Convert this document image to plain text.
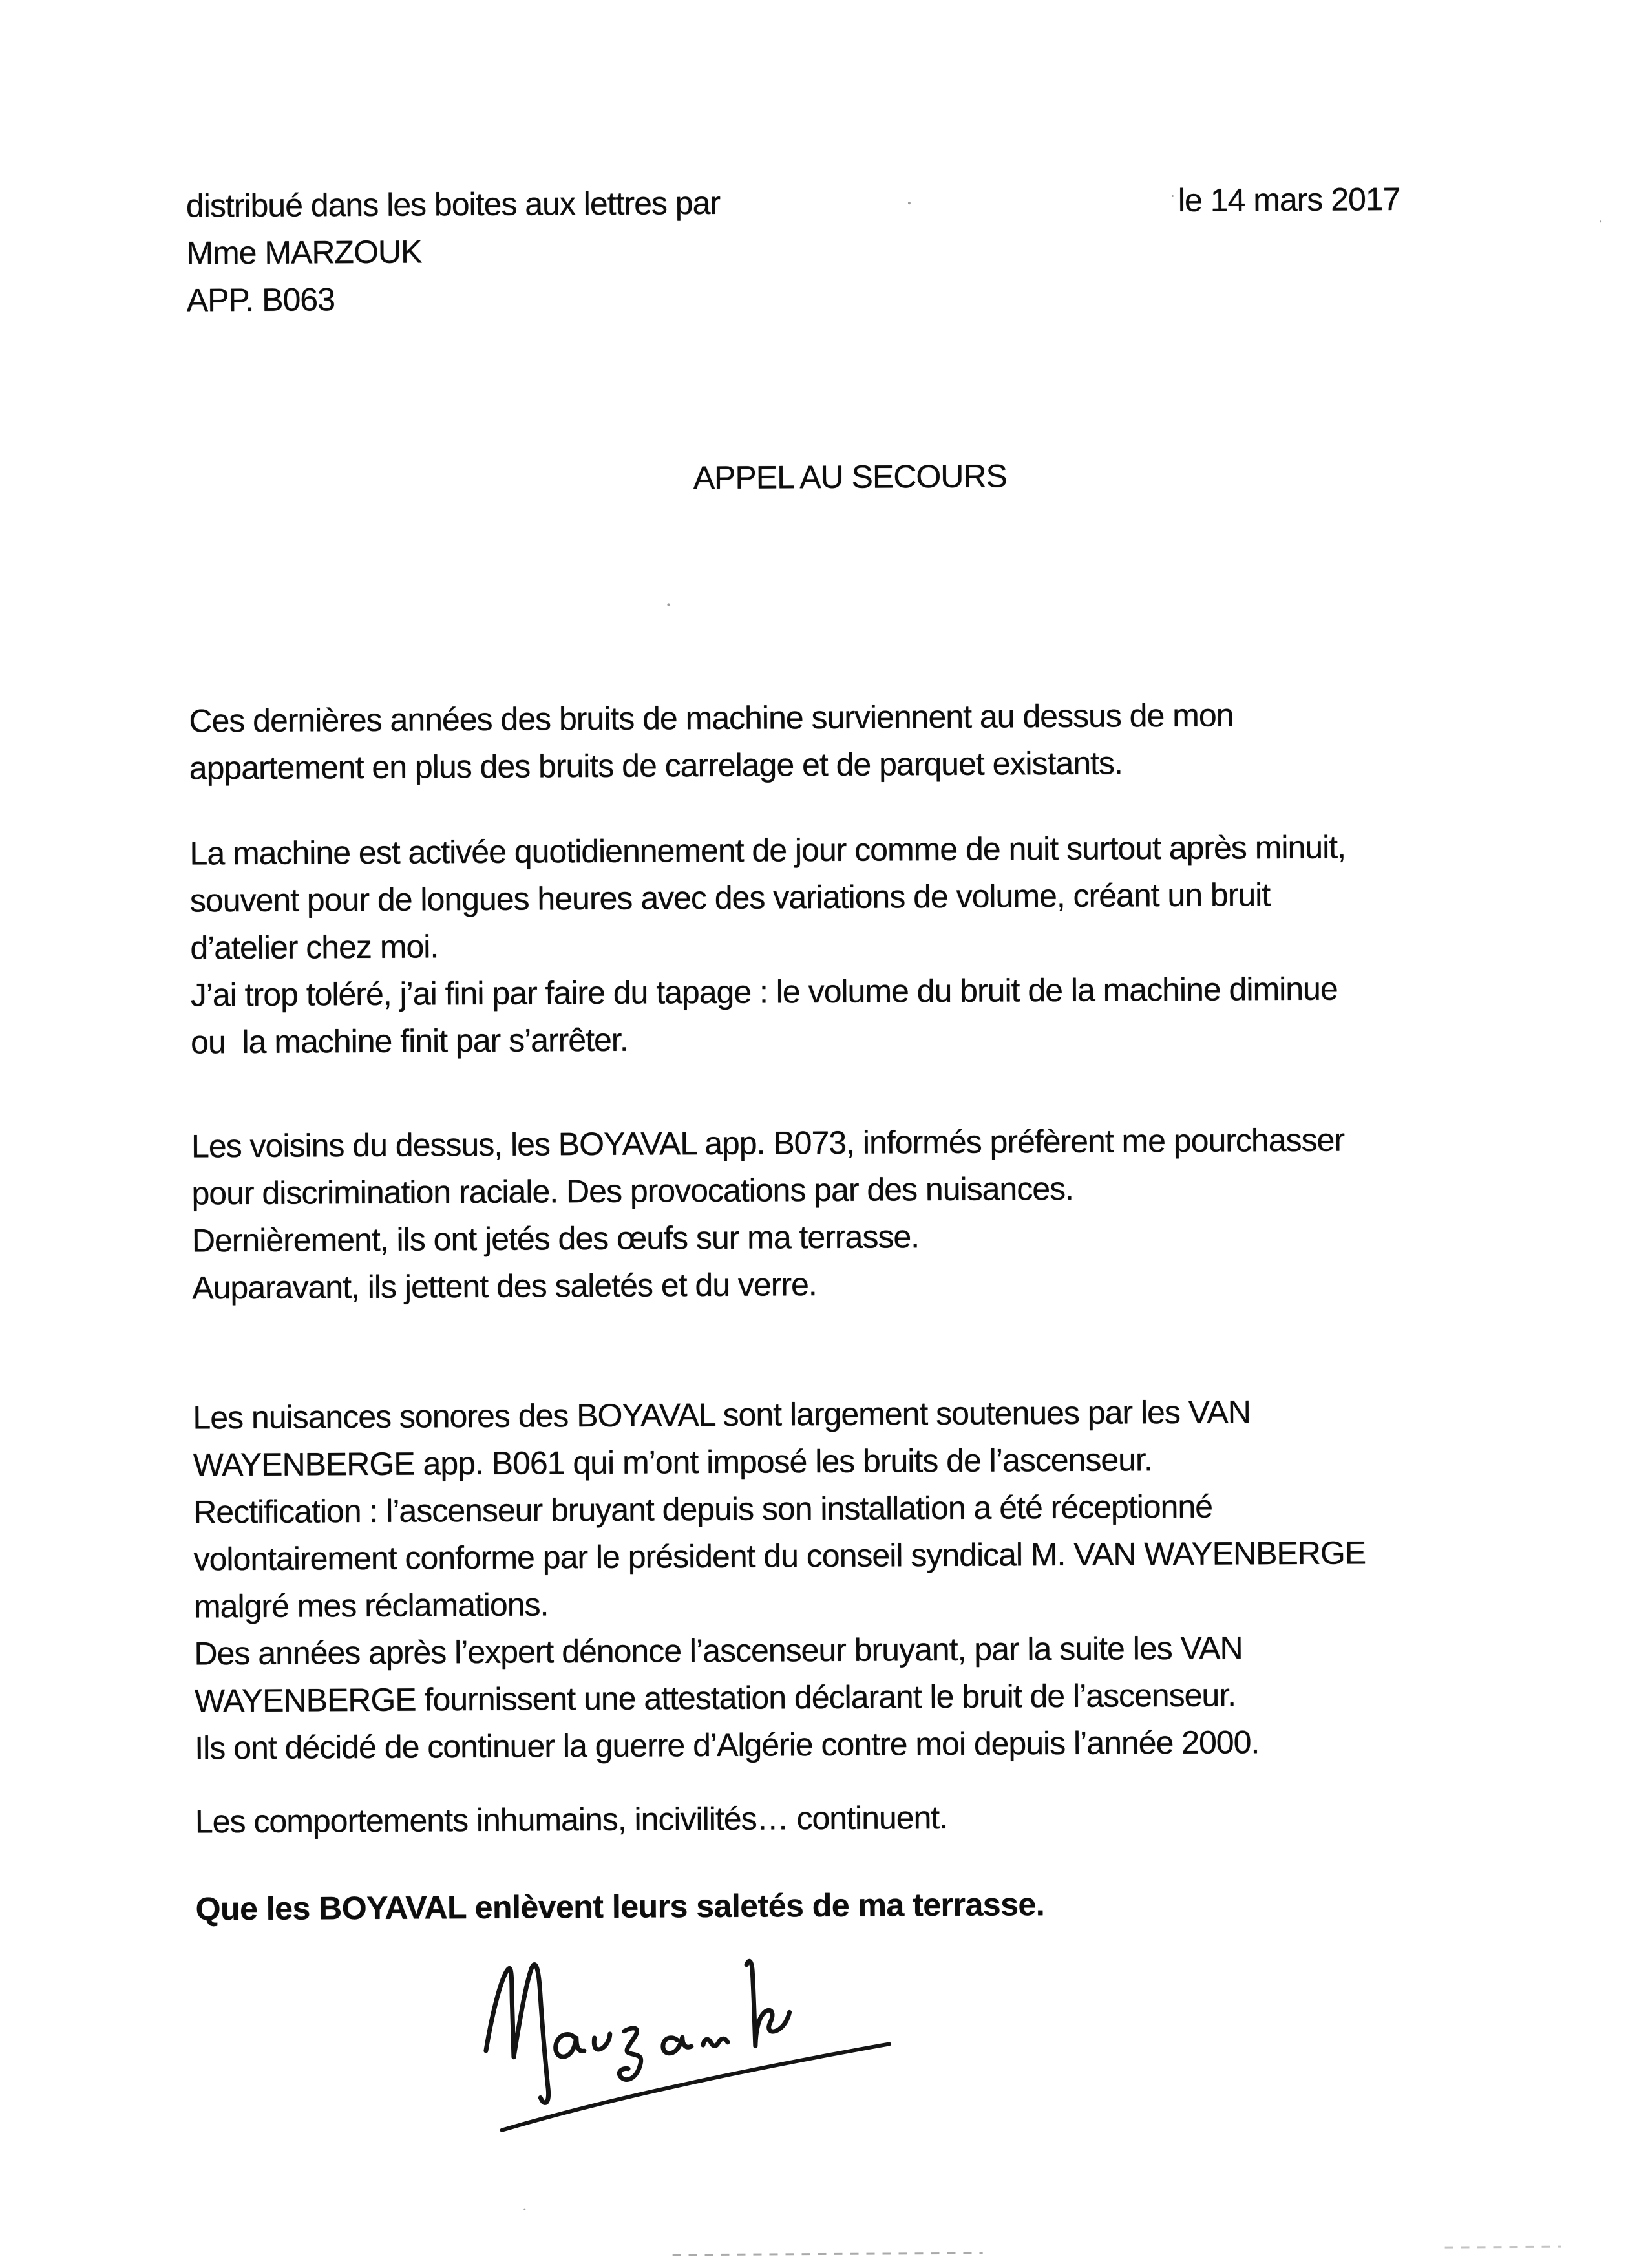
distribué dans les boites aux lettres par	le 14 mars 2017
Mme MARZOUK
APP. B063
APPEL AU SECOURS
Ces dernières années des bruits de machine surviennent au dessus de mon
appartement en plus des bruits de carrelage et de parquet existants.
La machine est activée quotidiennement de jour comme de nuit surtout après minuit,
souvent pour de longues heures avec des variations de volume, créant un bruit
d’atelier chez moi.
J’ai trop toléré, j’ai fini par faire du tapage : le volume du bruit de la machine diminue
ou  la machine finit par s’arrêter.
Les voisins du dessus, les BOYAVAL app. B073, informés préfèrent me pourchasser
pour discrimination raciale. Des provocations par des nuisances.
Dernièrement, ils ont jetés des œufs sur ma terrasse.
Auparavant, ils jettent des saletés et du verre.
Les nuisances sonores des BOYAVAL sont largement soutenues par les VAN
WAYENBERGE app. B061 qui m’ont imposé les bruits de l’ascenseur.
Rectification : l’ascenseur bruyant depuis son installation a été réceptionné
volontairement conforme par le président du conseil syndical M. VAN WAYENBERGE
malgré mes réclamations.
Des années après l’expert dénonce l’ascenseur bruyant, par la suite les VAN
WAYENBERGE fournissent une attestation déclarant le bruit de l’ascenseur.
Ils ont décidé de continuer la guerre d’Algérie contre moi depuis l’année 2000.
Les comportements inhumains, incivilités… continuent.
Que les BOYAVAL enlèvent leurs saletés de ma terrasse.
